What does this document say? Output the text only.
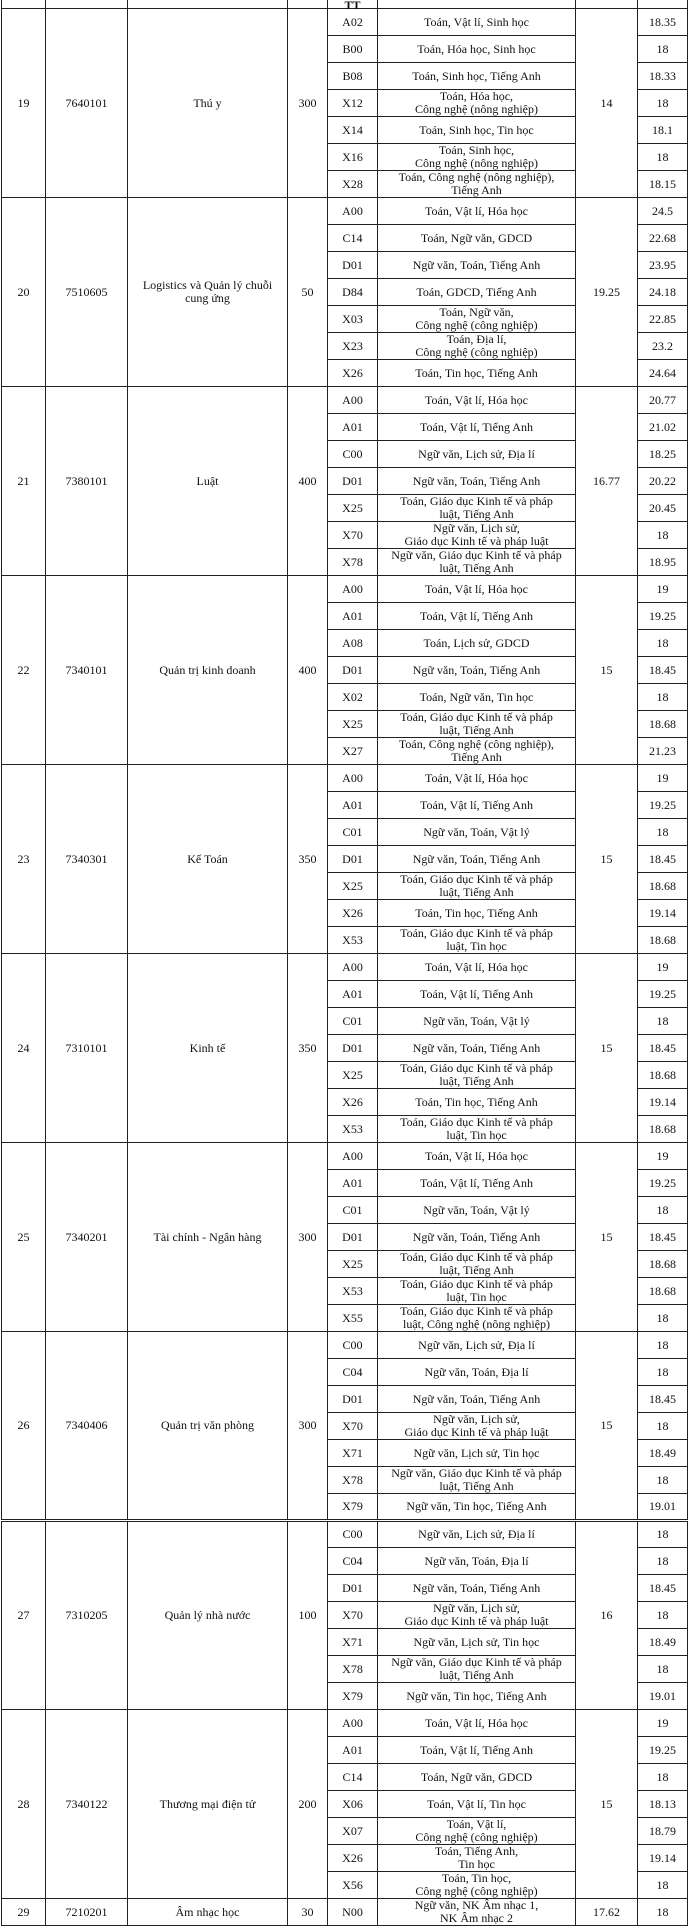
				TT			
19	7640101	Thú y	300	A02	Toán, Vật lí, Sinh học	14	18.35
				B00	Toán, Hóa học, Sinh học		18
				B08	Toán, Sinh học, Tiếng Anh		18.33
				X12	Toán, Hóa học,
Công nghệ (nông nghiệp)		18
				X14	Toán, Sinh học, Tin học		18.1
				X16	Toán, Sinh học,
Công nghệ (nông nghiệp)		18
				X28	Toán, Công nghệ (nông nghiệp),
Tiếng Anh		18.15
20	7510605	Logistics và Quản lý chuỗi cung ứng	50	A00	Toán, Vật lí, Hóa học	19.25	24.5
				C14	Toán, Ngữ văn, GDCD		22.68
				D01	Ngữ văn, Toán, Tiếng Anh		23.95
				D84	Toán, GDCD, Tiếng Anh		24.18
				X03	Toán, Ngữ văn,
Công nghệ (công nghiệp)		22.85
				X23	Toán, Địa lí,
Công nghệ (công nghiệp)		23.2
				X26	Toán, Tin học, Tiếng Anh		24.64
21	7380101	Luật	400	A00	Toán, Vật lí, Hóa học	16.77	20.77
				A01	Toán, Vật lí, Tiếng Anh		21.02
				C00	Ngữ văn, Lịch sử, Địa lí		18.25
				D01	Ngữ văn, Toán, Tiếng Anh		20.22
				X25	Toán, Giáo dục Kinh tế và pháp
luật, Tiếng Anh		20.45
				X70	Ngữ văn, Lịch sử,
Giáo dục Kinh tế và pháp luật		18
				X78	Ngữ văn, Giáo dục Kinh tế và pháp
luật, Tiếng Anh		18.95
22	7340101	Quản trị kinh doanh	400	A00	Toán, Vật lí, Hóa học	15	19
				A01	Toán, Vật lí, Tiếng Anh		19.25
				A08	Toán, Lịch sử, GDCD		18
				D01	Ngữ văn, Toán, Tiếng Anh		18.45
				X02	Toán, Ngữ văn, Tin học		18
				X25	Toán, Giáo dục Kinh tế và pháp
luật, Tiếng Anh		18.68
				X27	Toán, Công nghệ (công nghiệp),
Tiếng Anh		21.23
23	7340301	Kế Toán	350	A00	Toán, Vật lí, Hóa học	15	19
				A01	Toán, Vật lí, Tiếng Anh		19.25
				C01	Ngữ văn, Toán, Vật lý		18
				D01	Ngữ văn, Toán, Tiếng Anh		18.45
				X25	Toán, Giáo dục Kinh tế và pháp
luật, Tiếng Anh		18.68
				X26	Toán, Tin học, Tiếng Anh		19.14
				X53	Toán, Giáo dục Kinh tế và pháp
luật, Tin học		18.68
24	7310101	Kinh tế	350	A00	Toán, Vật lí, Hóa học	15	19
				A01	Toán, Vật lí, Tiếng Anh		19.25
				C01	Ngữ văn, Toán, Vật lý		18
				D01	Ngữ văn, Toán, Tiếng Anh		18.45
				X25	Toán, Giáo dục Kinh tế và pháp
luật, Tiếng Anh		18.68
				X26	Toán, Tin học, Tiếng Anh		19.14
				X53	Toán, Giáo dục Kinh tế và pháp
luật, Tin học		18.68
25	7340201	Tài chính - Ngân hàng	300	A00	Toán, Vật lí, Hóa học	15	19
				A01	Toán, Vật lí, Tiếng Anh		19.25
				C01	Ngữ văn, Toán, Vật lý		18
				D01	Ngữ văn, Toán, Tiếng Anh		18.45
				X25	Toán, Giáo dục Kinh tế và pháp
luật, Tiếng Anh		18.68
				X53	Toán, Giáo dục Kinh tế và pháp
luật, Tin học		18.68
				X55	Toán, Giáo dục Kinh tế và pháp
luật, Công nghệ (nông nghiệp)		18
26	7340406	Quản trị văn phòng	300	C00	Ngữ văn, Lịch sử, Địa lí	15	18
				C04	Ngữ văn, Toán, Địa lí		18
				D01	Ngữ văn, Toán, Tiếng Anh		18.45
				X70	Ngữ văn, Lịch sử,
Giáo dục Kinh tế và pháp luật		18
				X71	Ngữ văn, Lịch sử, Tin học		18.49
				X78	Ngữ văn, Giáo dục Kinh tế và pháp
luật, Tiếng Anh		18
				X79	Ngữ văn, Tin học, Tiếng Anh		19.01
27	7310205	Quản lý nhà nước	100	C00	Ngữ văn, Lịch sử, Địa lí	16	18
				C04	Ngữ văn, Toán, Địa lí		18
				D01	Ngữ văn, Toán, Tiếng Anh		18.45
				X70	Ngữ văn, Lịch sử,
Giáo dục Kinh tế và pháp luật		18
				X71	Ngữ văn, Lịch sử, Tin học		18.49
				X78	Ngữ văn, Giáo dục Kinh tế và pháp
luật, Tiếng Anh		18
				X79	Ngữ văn, Tin học, Tiếng Anh		19.01
28	7340122	Thương mại điện tử	200	A00	Toán, Vật lí, Hóa học	15	19
				A01	Toán, Vật lí, Tiếng Anh		19.25
				C14	Toán, Ngữ văn, GDCD		18
				X06	Toán, Vật lí, Tin học		18.13
				X07	Toán, Vật lí,
Công nghệ (công nghiệp)		18.79
				X26	Toán, Tiếng Anh,
Tin học		19.14
				X56	Toán, Tin học,
Công nghệ (công nghiệp)		18
29	7210201	Âm nhạc học	30	N00	Ngữ văn, NK Âm nhạc 1,
NK Âm nhạc 2	17.62	18
